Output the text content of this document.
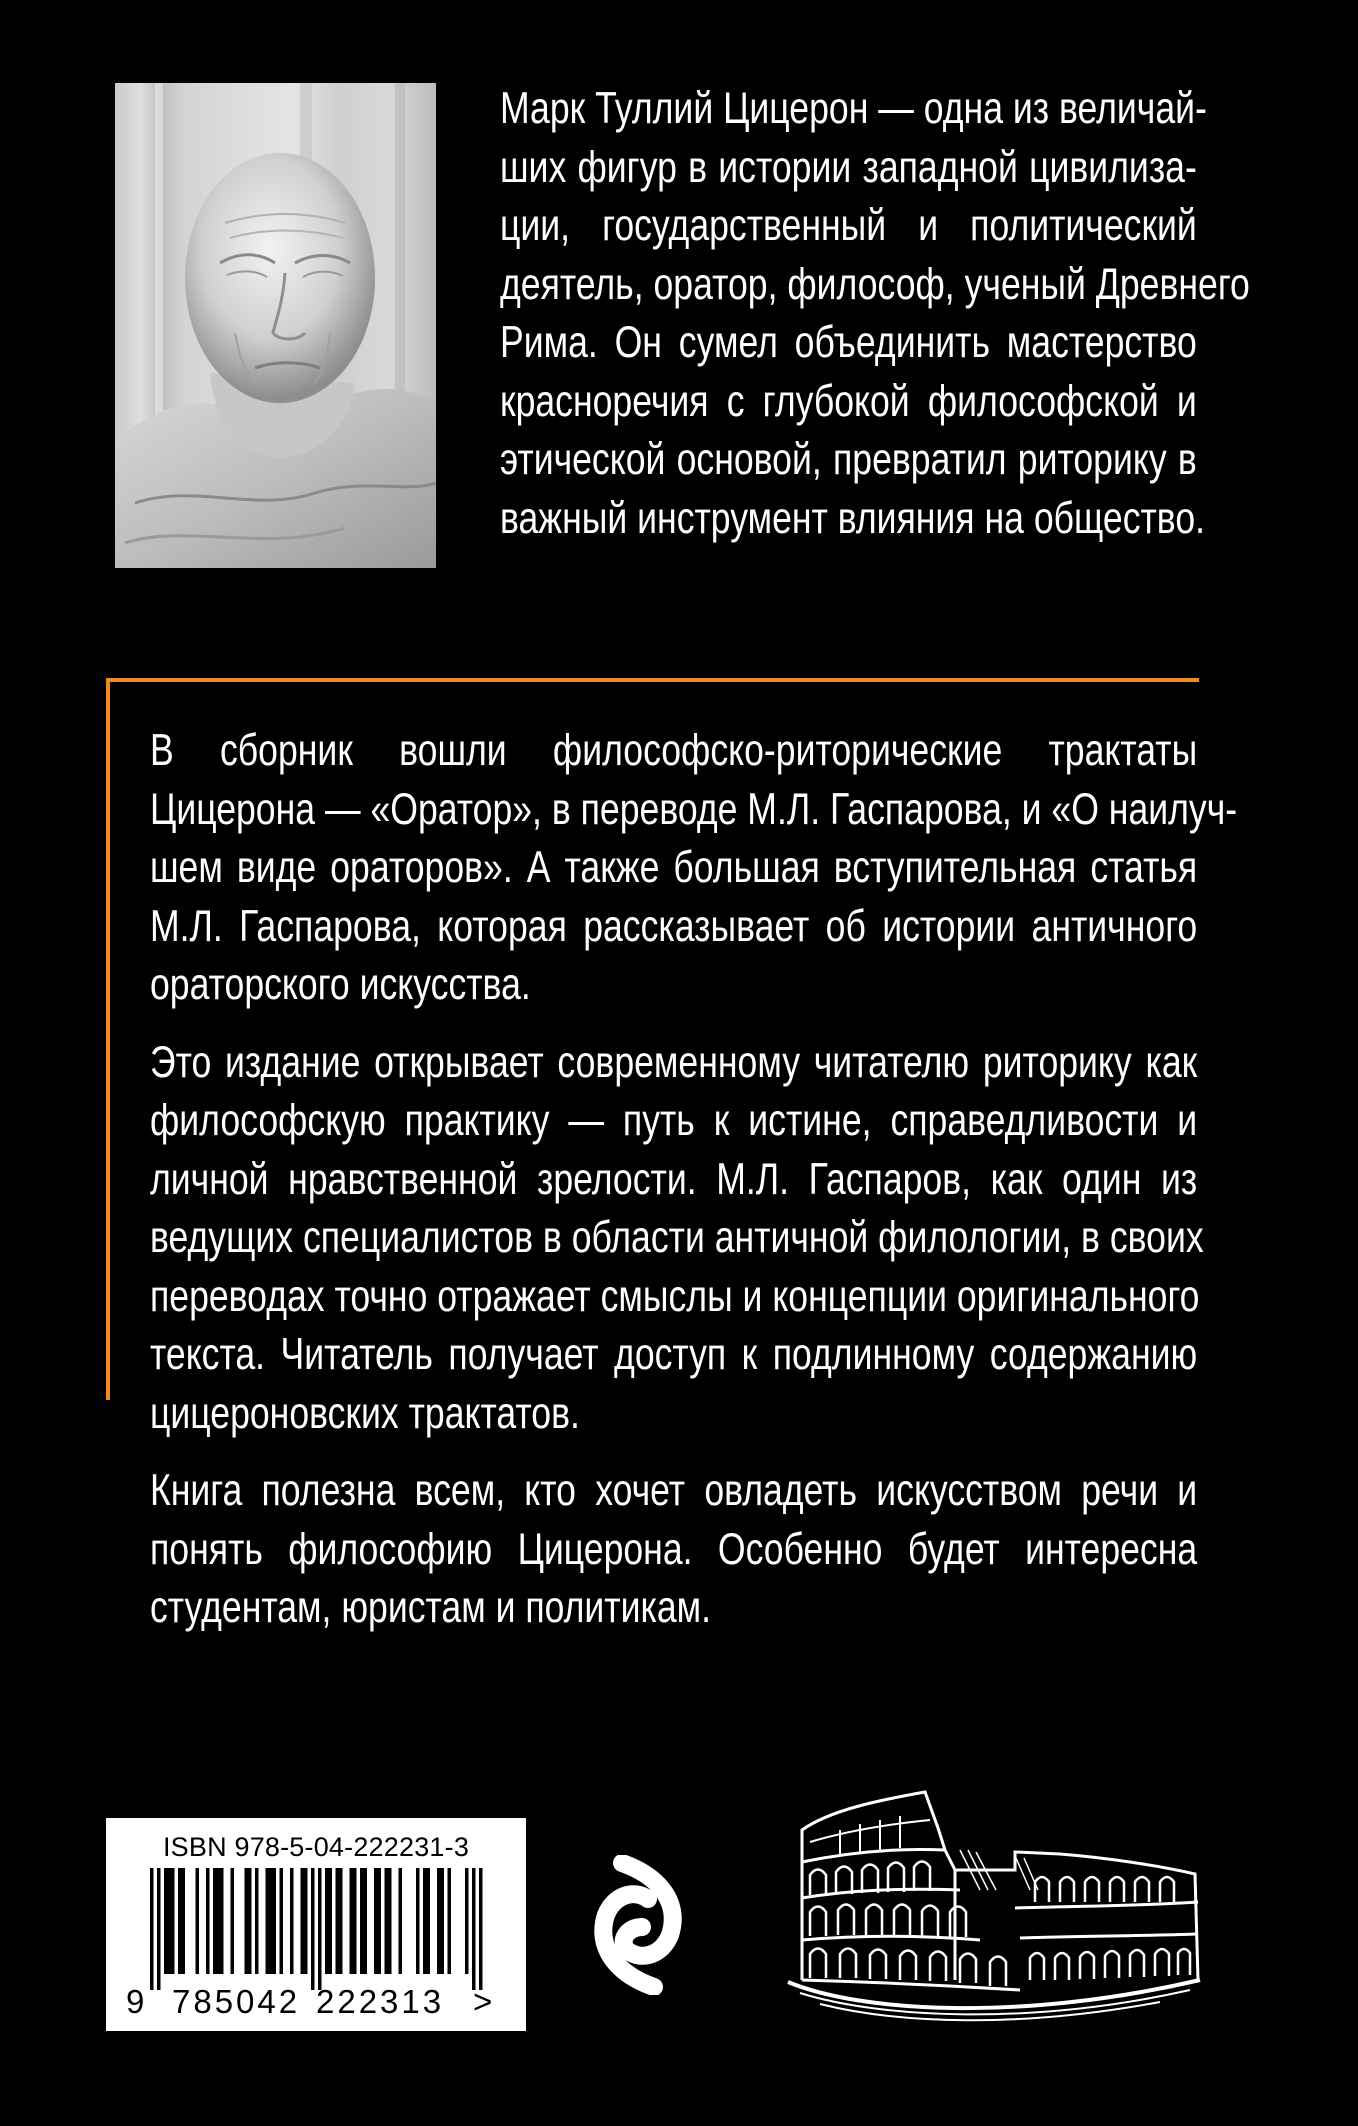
Марк Туллий Цицерон — одна из величай-
ших фигур в истории западной цивилиза-
ции, государственный и политический
деятель, оратор, философ, ученый Древнего
Рима. Он сумел объединить мастерство
красноречия с глубокой философской и
этической основой, превратил риторику в
важный инструмент влияния на общество.
В сборник вошли философско-риторические трактаты
Цицерона — «Оратор», в переводе М.Л. Гаспарова, и «О наилуч-
шем виде ораторов». А также большая вступительная статья
М.Л. Гаспарова, которая рассказывает об истории античного
ораторского искусства.
Это издание открывает современному читателю риторику как
философскую практику — путь к истине, справедливости и
личной нравственной зрелости. М.Л. Гаспаров, как один из
ведущих специалистов в области античной филологии, в своих
переводах точно отражает смыслы и концепции оригинального
текста. Читатель получает доступ к подлинному содержанию
цицероновских трактатов.
Книга полезна всем, кто хочет овладеть искусством речи и
понять философию Цицерона. Особенно будет интересна
студентам, юристам и политикам.
ISBN 978-5-04-222231-3
9 785042 222313 >
